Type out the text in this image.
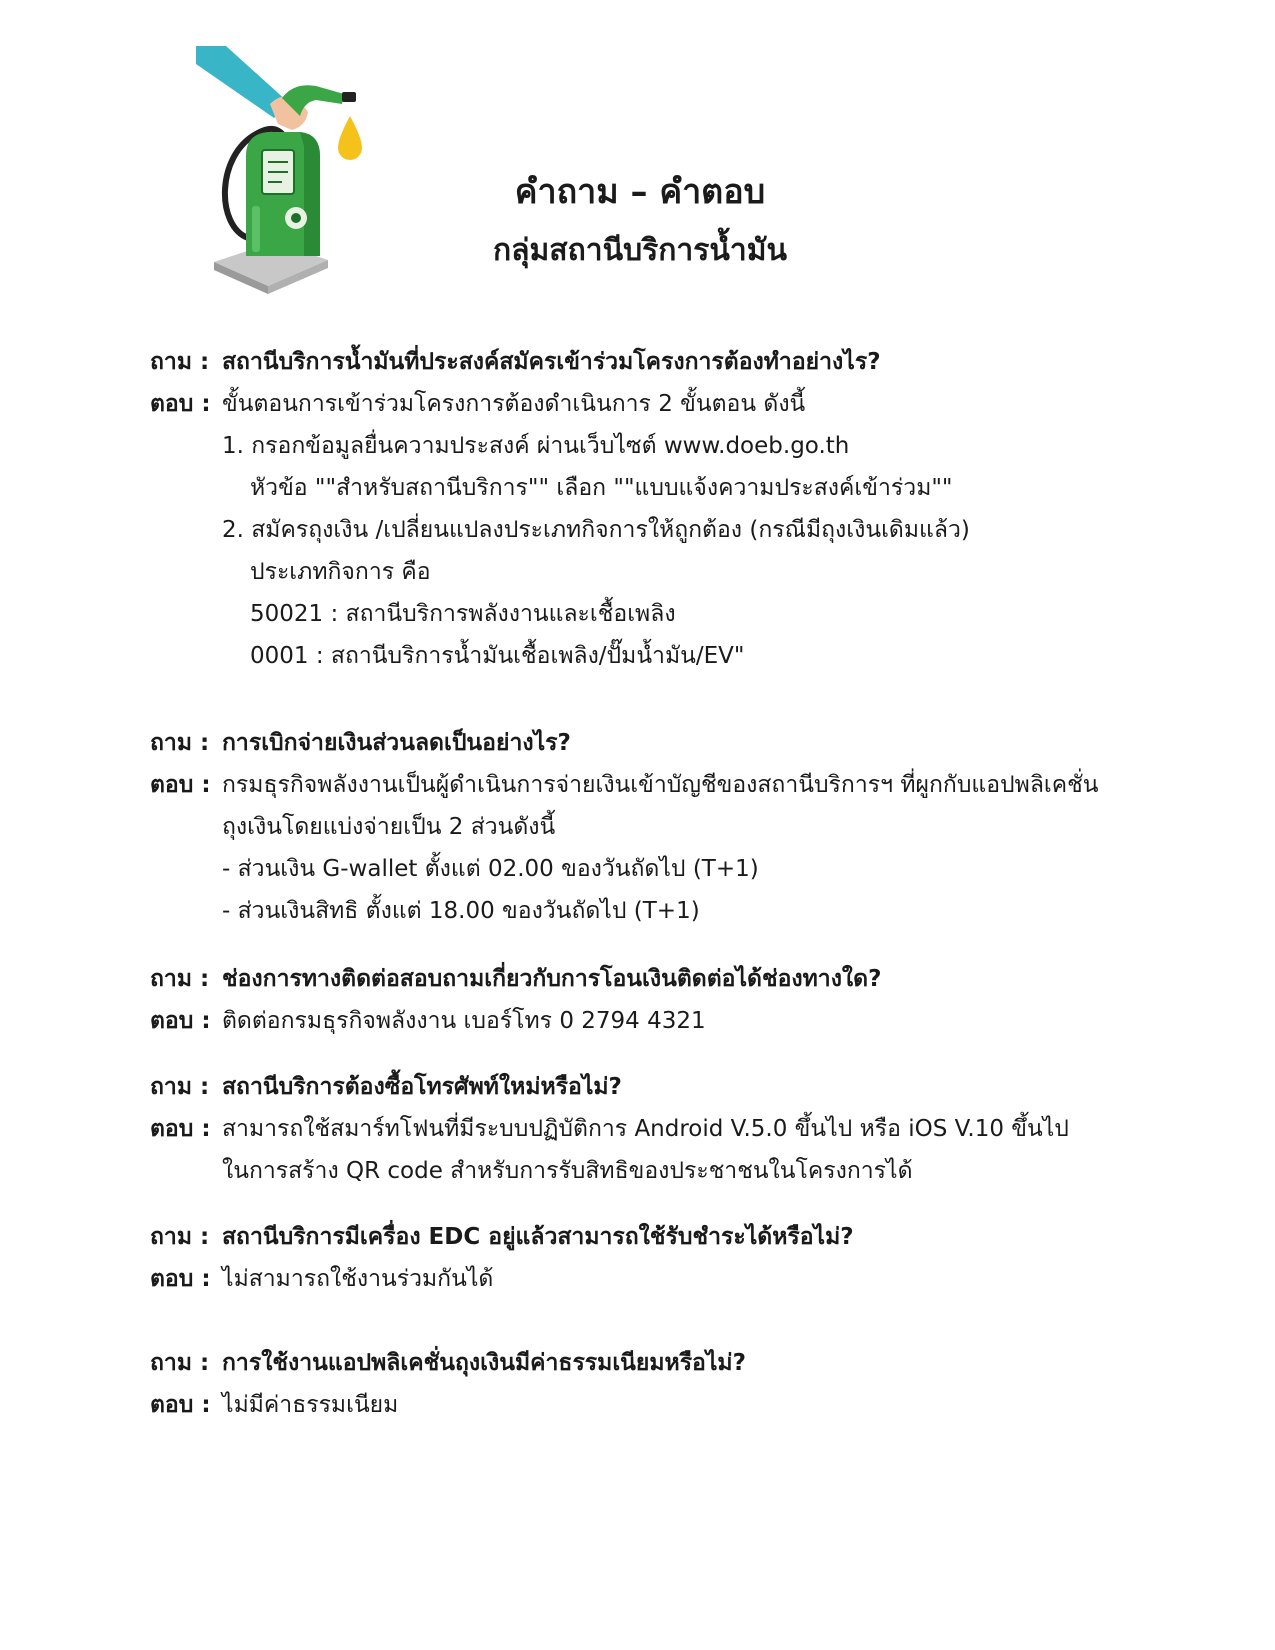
คำถาม – คำตอบ
กลุ่มสถานีบริการน้ำมัน
ถาม : สถานีบริการน้ำมันที่ประสงค์สมัครเข้าร่วมโครงการต้องทำอย่างไร?
ตอบ : ขั้นตอนการเข้าร่วมโครงการต้องดำเนินการ 2 ขั้นตอน ดังนี้
1. กรอกข้อมูลยื่นความประสงค์ ผ่านเว็บไซต์ www.doeb.go.th
หัวข้อ ""สำหรับสถานีบริการ"" เลือก ""แบบแจ้งความประสงค์เข้าร่วม""
2. สมัครถุงเงิน /เปลี่ยนแปลงประเภทกิจการให้ถูกต้อง (กรณีมีถุงเงินเดิมแล้ว)
ประเภทกิจการ คือ
50021 : สถานีบริการพลังงานและเชื้อเพลิง
0001 : สถานีบริการน้ำมันเชื้อเพลิง/ปั๊มน้ำมัน/EV"
ถาม : การเบิกจ่ายเงินส่วนลดเป็นอย่างไร?
ตอบ : กรมธุรกิจพลังงานเป็นผู้ดำเนินการจ่ายเงินเข้าบัญชีของสถานีบริการฯ ที่ผูกกับแอปพลิเคชั่น
ถุงเงินโดยแบ่งจ่ายเป็น 2 ส่วนดังนี้
- ส่วนเงิน G-wallet ตั้งแต่ 02.00 ของวันถัดไป (T+1)
- ส่วนเงินสิทธิ ตั้งแต่ 18.00 ของวันถัดไป (T+1)
ถาม : ช่องการทางติดต่อสอบถามเกี่ยวกับการโอนเงินติดต่อได้ช่องทางใด?
ตอบ : ติดต่อกรมธุรกิจพลังงาน เบอร์โทร 0 2794 4321
ถาม : สถานีบริการต้องซื้อโทรศัพท์ใหม่หรือไม่?
ตอบ : สามารถใช้สมาร์ทโฟนที่มีระบบปฏิบัติการ Android V.5.0 ขึ้นไป หรือ iOS V.10 ขึ้นไป
ในการสร้าง QR code สำหรับการรับสิทธิของประชาชนในโครงการได้
ถาม : สถานีบริการมีเครื่อง EDC อยู่แล้วสามารถใช้รับชำระได้หรือไม่?
ตอบ : ไม่สามารถใช้งานร่วมกันได้
ถาม : การใช้งานแอปพลิเคชั่นถุงเงินมีค่าธรรมเนียมหรือไม่?
ตอบ : ไม่มีค่าธรรมเนียม
